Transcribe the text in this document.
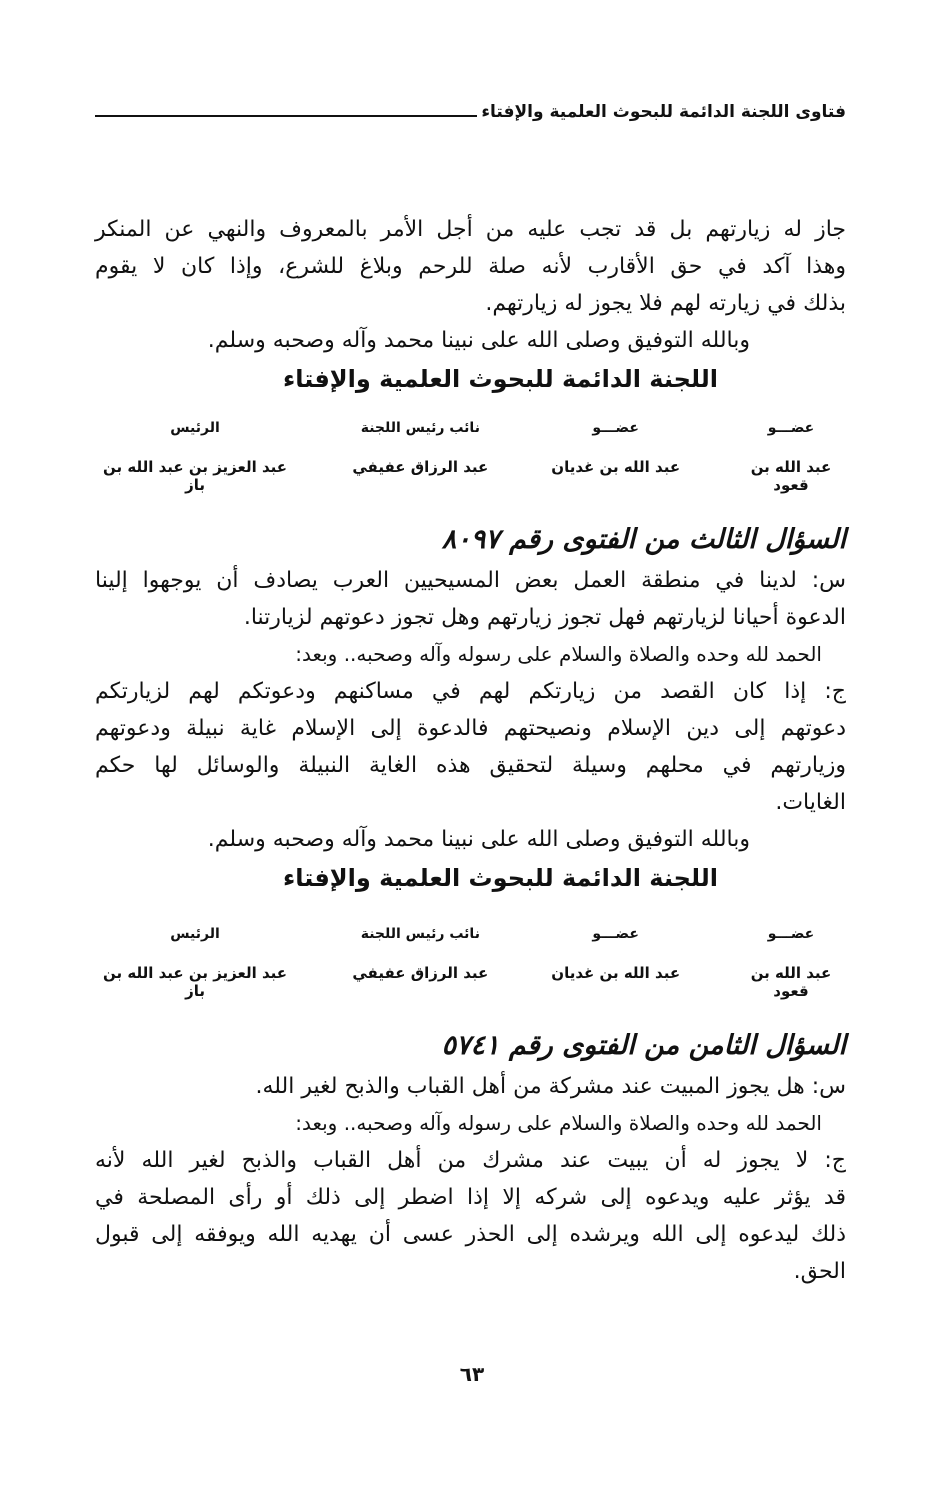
فتاوى اللجنة الدائمة للبحوث العلمية والإفتاء

جاز له زيارتهم بل قد تجب عليه من أجل الأمر بالمعروف والنهي عن المنكر

وهذا آكد في حق الأقارب لأنه صلة للرحم وبلاغ للشرع، وإذا كان لا يقوم

بذلك في زيارته لهم فلا يجوز له زيارتهم.

وبالله التوفيق وصلى الله على نبينا محمد وآله وصحبه وسلم.

اللجنة الدائمة للبحوث العلمية والإفتاء

عضـــو
عبد الله بن قعود
عضـــو
عبد الله بن غديان
نائب رئيس اللجنة
عبد الرزاق عفيفي
الرئيس
عبد العزيز بن عبد الله بن باز

السؤال الثالث من الفتوى رقم ٨٠٩٧

س: لدينا في منطقة العمل بعض المسيحيين العرب يصادف أن يوجهوا إلينا

الدعوة أحيانا لزيارتهم فهل تجوز زيارتهم وهل تجوز دعوتهم لزيارتنا.

الحمد لله وحده والصلاة والسلام على رسوله وآله وصحبه.. وبعد:

ج: إذا كان القصد من زيارتكم لهم في مساكنهم ودعوتكم لهم لزيارتكم

دعوتهم إلى دين الإسلام ونصيحتهم فالدعوة إلى الإسلام غاية نبيلة ودعوتهم

وزيارتهم في محلهم وسيلة لتحقيق هذه الغاية النبيلة والوسائل لها حكم

الغايات.

وبالله التوفيق وصلى الله على نبينا محمد وآله وصحبه وسلم.

اللجنة الدائمة للبحوث العلمية والإفتاء

عضـــو
عبد الله بن قعود
عضـــو
عبد الله بن غديان
نائب رئيس اللجنة
عبد الرزاق عفيفي
الرئيس
عبد العزيز بن عبد الله بن باز

السؤال الثامن من الفتوى رقم ٥٧٤١

س: هل يجوز المبيت عند مشركة من أهل القباب والذبح لغير الله.

الحمد لله وحده والصلاة والسلام على رسوله وآله وصحبه.. وبعد:

ج: لا يجوز له أن يبيت عند مشرك من أهل القباب والذبح لغير الله لأنه

قد يؤثر عليه ويدعوه إلى شركه إلا إذا اضطر إلى ذلك أو رأى المصلحة في

ذلك ليدعوه إلى الله ويرشده إلى الحذر عسى أن يهديه الله ويوفقه إلى قبول

الحق.

٦٣
